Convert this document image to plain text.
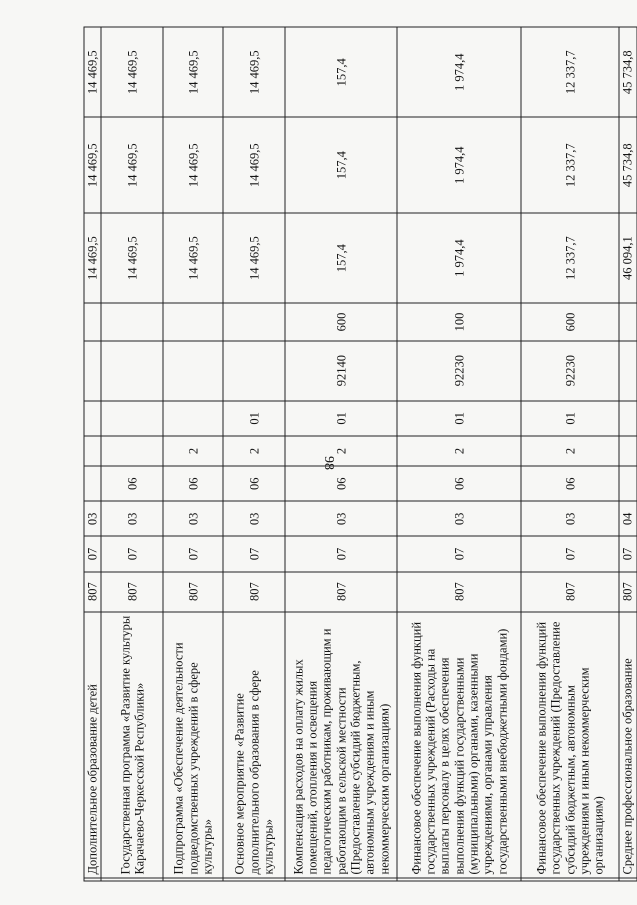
98
	Дополнительное образование детей	807	07	03						14 469,5	14 469,5	14 469,5
	Государственная программа «Развитие культуры Карачаево-Черкесской Республики»	807	07	03	06					14 469,5	14 469,5	14 469,5
	Подпрограмма «Обеспечение деятельности подведомственных учреждений в сфере культуры»	807	07	03	06	2				14 469,5	14 469,5	14 469,5
	Основное мероприятие «Развитие дополнительного образования в сфере культуры»	807	07	03	06	2	01			14 469,5	14 469,5	14 469,5
	Компенсация расходов на оплату жилых помещений, отопления и освещения педагогическим работникам, проживающим и работающим в сельской местности (Предоставление субсидий бюджетным, автономным учреждениям и иным некоммерческим организациям)	807	07	03	06	2	01	92140	600	157,4	157,4	157,4
	Финансовое обеспечение выполнения функций государственных учреждений (Расходы на выплаты персоналу в целях обеспечения выполнения функций государственными (муниципальными) органами, казенными учреждениями, органами управления государственными внебюджетными фондами)	807	07	03	06	2	01	92230	100	1 974,4	1 974,4	1 974,4
	Финансовое обеспечение выполнения функций государственных учреждений (Предоставление субсидий бюджетным, автономным учреждениям и иным некоммерческим организациям)	807	07	03	06	2	01	92230	600	12 337,7	12 337,7	12 337,7
	Среднее профессиональное образование	807	07	04						46 094,1	45 734,8	45 734,8
